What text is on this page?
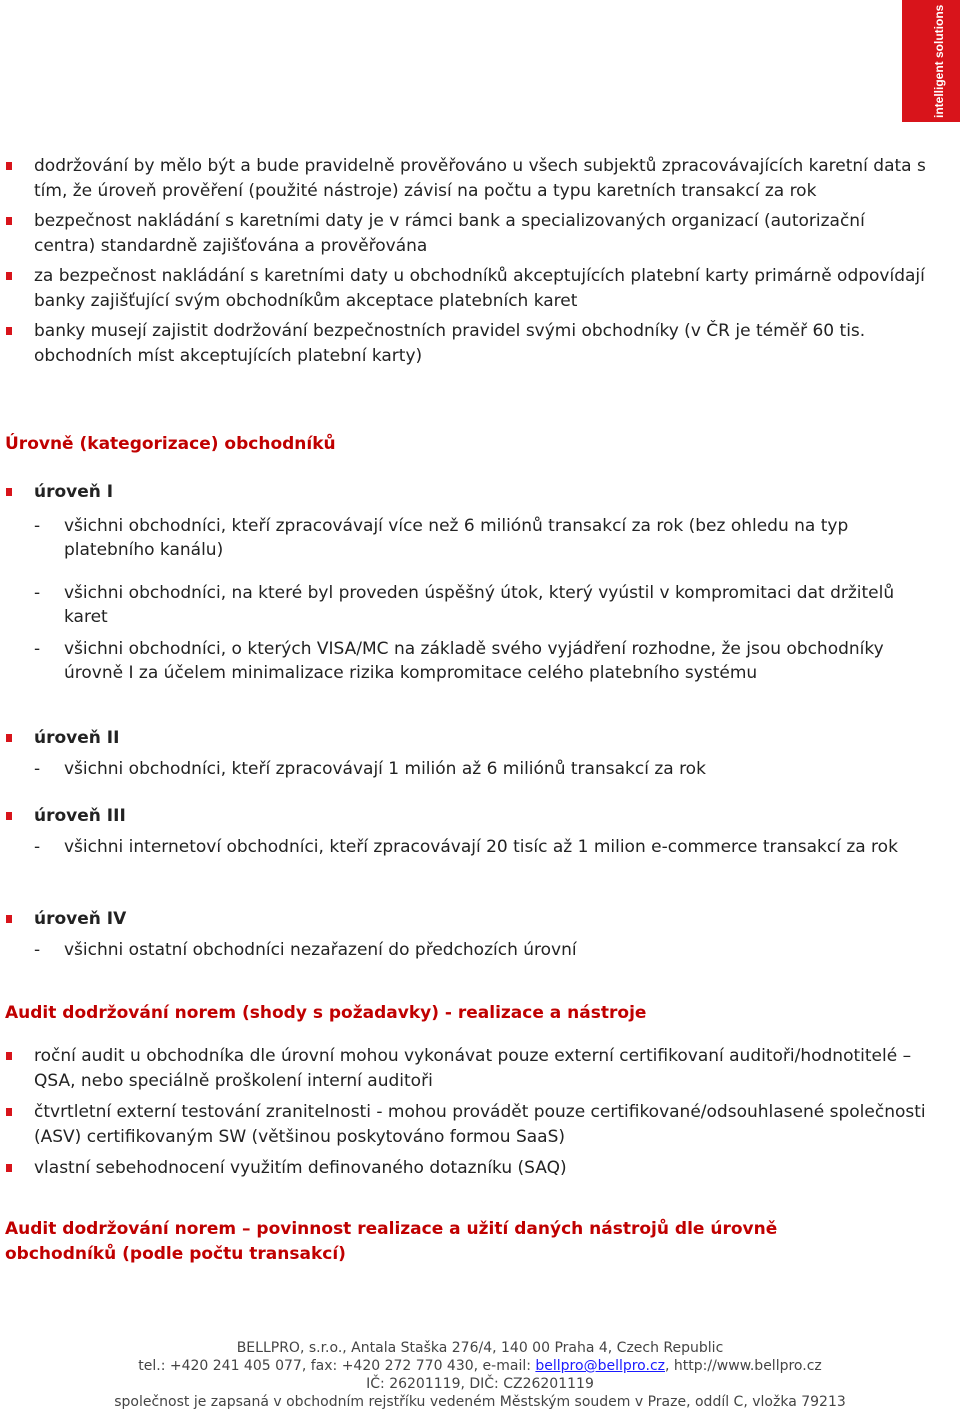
intelligent solutions

dodržování by mělo být a bude pravidelně prověřováno u všech subjektů zpracovávajících karetní data s tím, že úroveň prověření (použité nástroje) závisí na počtu a typu karetních transakcí za rok

bezpečnost nakládání s karetními daty je v rámci bank a specializovaných organizací (autorizační centra) standardně zajišťována a prověřována

za bezpečnost nakládání s karetními daty u obchodníků akceptujících platební karty primárně odpovídají banky zajišťující svým obchodníkům akceptace platebních karet

banky musejí zajistit dodržování bezpečnostních pravidel svými obchodníky (v ČR je téměř 60 tis. obchodních míst akceptujících platební karty)

Úrovně (kategorizace) obchodníků

úroveň I

- všichni obchodníci, kteří zpracovávají více než 6 miliónů transakcí za rok (bez ohledu na typ platebního kanálu)

- všichni obchodníci, na které byl proveden úspěšný útok, který vyústil v kompromitaci dat držitelů karet

- všichni obchodníci, o kterých VISA/MC na základě svého vyjádření rozhodne, že jsou obchodníky úrovně I za účelem minimalizace rizika kompromitace celého platebního systému

úroveň II

- všichni obchodníci, kteří zpracovávají 1 milión až 6 miliónů transakcí za rok

úroveň III

- všichni internetoví obchodníci, kteří zpracovávají 20 tisíc až 1 milion e-commerce transakcí za rok

úroveň IV

- všichni ostatní obchodníci nezařazení do předchozích úrovní

Audit dodržování norem (shody s požadavky) - realizace a nástroje

roční audit u obchodníka dle úrovní mohou vykonávat pouze externí certifikovaní auditoři/hodnotitelé – QSA, nebo speciálně proškolení interní auditoři

čtvrtletní externí testování zranitelnosti - mohou provádět pouze certifikované/odsouhlasené společnosti (ASV) certifikovaným SW (většinou poskytováno formou SaaS)

vlastní sebehodnocení využitím definovaného dotazníku (SAQ)

Audit dodržování norem – povinnost realizace a užití daných nástrojů dle úrovně obchodníků (podle počtu transakcí)

BELLPRO, s.r.o., Antala Staška 276/4, 140 00 Praha 4, Czech Republic
tel.: +420 241 405 077, fax: +420 272 770 430, e-mail: bellpro@bellpro.cz, http://www.bellpro.cz
IČ: 26201119, DIČ: CZ26201119
společnost je zapsaná v obchodním rejstříku vedeném Městským soudem v Praze, oddíl C, vložka 79213
